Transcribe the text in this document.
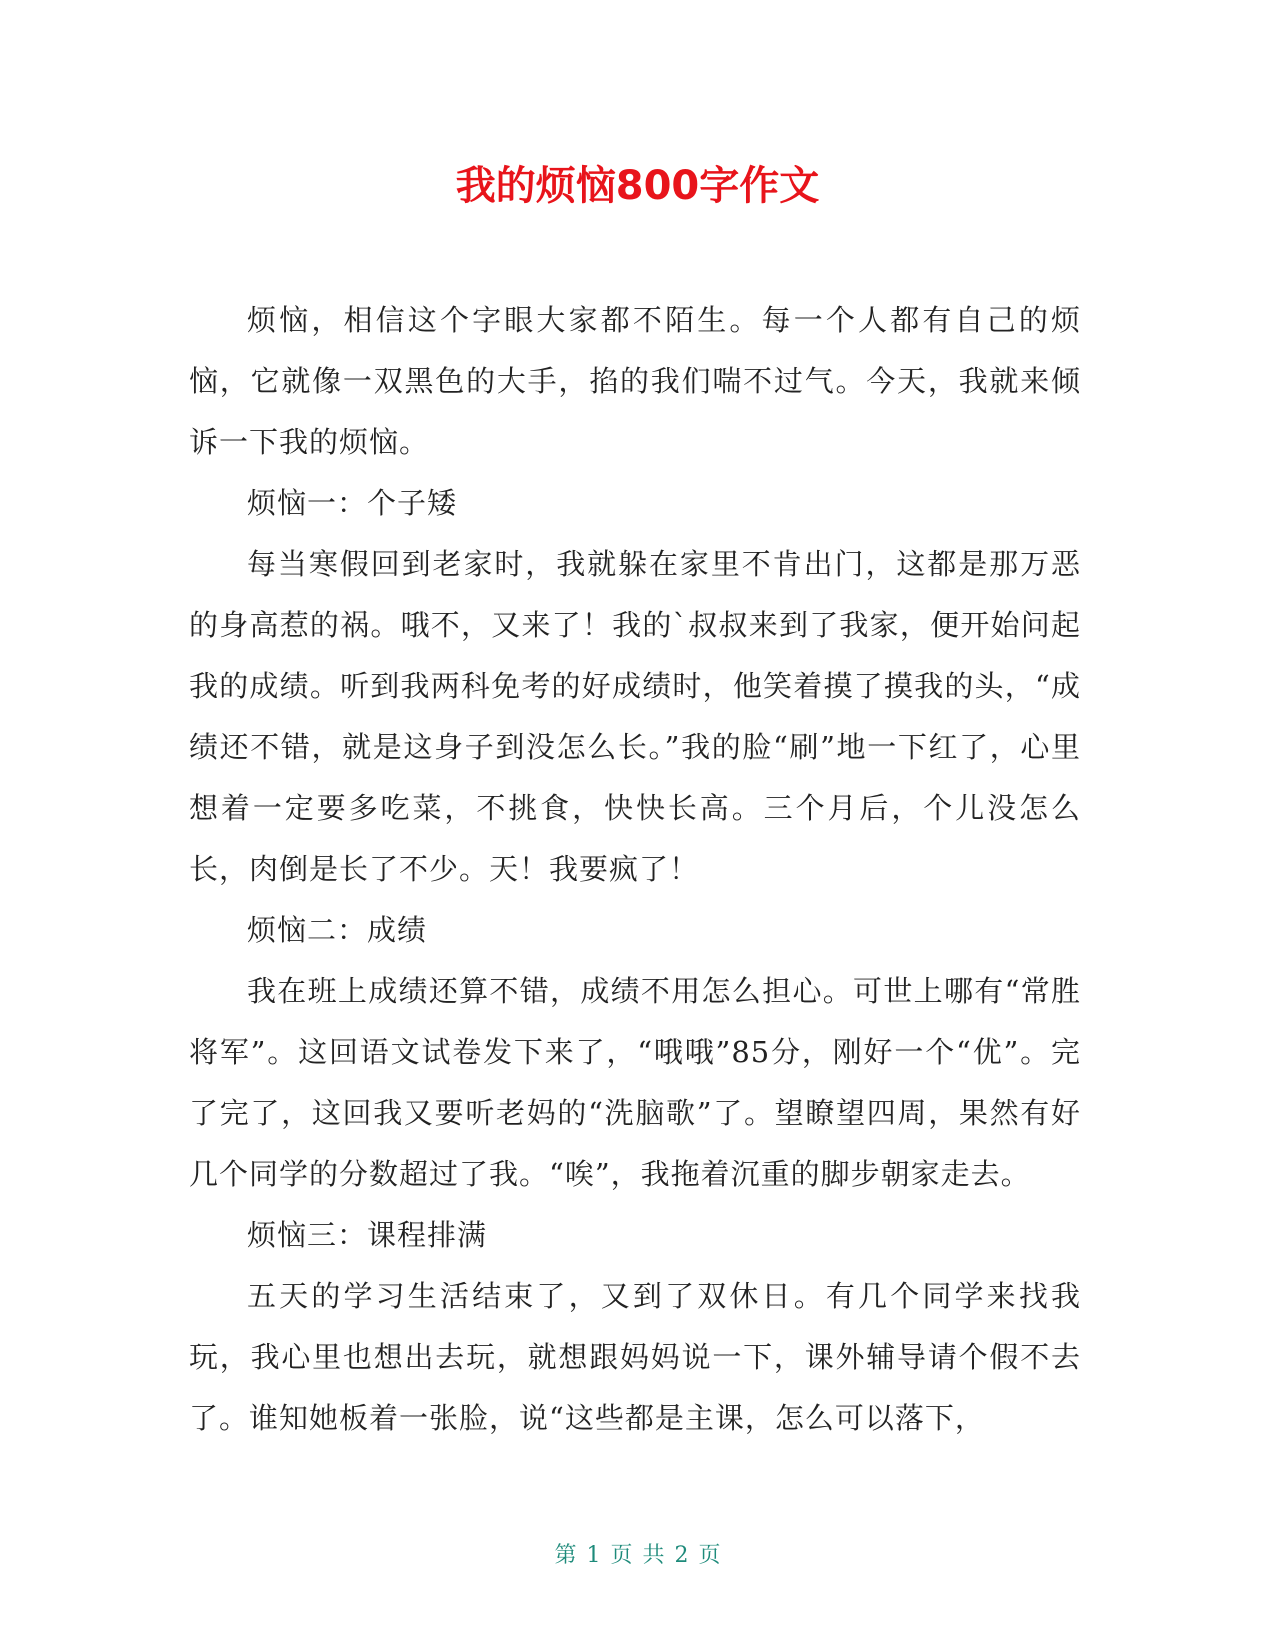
我的烦恼800字作文

烦恼，相信这个字眼大家都不陌生。每一个人都有自己的烦恼，它就像一双黑色的大手，掐的我们喘不过气。今天，我就来倾诉一下我的烦恼。

烦恼一：个子矮

每当寒假回到老家时，我就躲在家里不肯出门，这都是那万恶的身高惹的祸。哦不，又来了！我的`叔叔来到了我家，便开始问起我的成绩。听到我两科免考的好成绩时，他笑着摸了摸我的头，“成绩还不错，就是这身子到没怎么长。”我的脸“刷”地一下红了，心里想着一定要多吃菜，不挑食，快快长高。三个月后，个儿没怎么长，肉倒是长了不少。天！我要疯了！

烦恼二：成绩

我在班上成绩还算不错，成绩不用怎么担心。可世上哪有“常胜将军”。这回语文试卷发下来了，“哦哦”85分，刚好一个“优”。完了完了，这回我又要听老妈的“洗脑歌”了。望瞭望四周，果然有好几个同学的分数超过了我。“唉”，我拖着沉重的脚步朝家走去。

烦恼三：课程排满

五天的学习生活结束了，又到了双休日。有几个同学来找我玩，我心里也想出去玩，就想跟妈妈说一下，课外辅导请个假不去了。谁知她板着一张脸，说“这些都是主课，怎么可以落下，

第 1 页 共 2 页
